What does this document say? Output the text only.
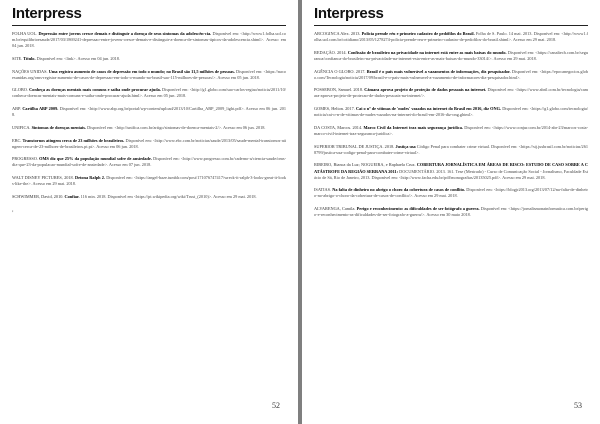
Interpress

FOLHA UOL. Depressão entre jovens cresce demais e distinguir a doença de seus sintomas da adolescên-cia. Disponível em: <http://www1.folha.uol.com.br/equilibrioesaude/2017/03/1869241-depressao-entre-jovens-cresce-demais-e-distinguir-a-doenca-de-sintomas-tipicos-da-adolescencia.shtml>. Acesso em 04 jun. 2018.

SITE. Título. Disponível em: <link>. Acesso em 04 jun. 2018.

NAÇÕES UNIDAS. Uma registra aumento de casos de depressão em todo o mundo; no Brasil são 11,5 milhões de pessoas. Disponível em: <https://nacoesunidas.org/oms-registra-aumento-de-casos-de-depressao-em-todo-o-mundo-no-brasil-sao-115-milhoes-de-pessoas/>. Acesso em 05 jun. 2018.

GLOBO. Conheça as doenças mentais mais comuns e saiba onde procurar ajuda. Disponível em: <http://g1.globo.com/sao-carlos-regiao/noticia/2011/10/conheca-doencas-mentais-mais-comuns-e-saiba-onde-procurar-ajuda.html>. Acesso em 05 jun. 2018.

ABP. Cartilha ABP 2009. Disponível em: <http://www.abp.org.br/portal/wp-content/upload/2013/10/Cartilha_ABP_2009_light.pdf>. Acesso em 06 jun. 2018.

UNIFICA. Sintomas de doenças mentais. Disponível em: <http://unifica.com.br/artigo/sintomas-de-doenca-mentais-2/>. Acesso em 06 jun. 2018.

EBC. Transtornos atingem cerca de 23 milhões de brasileiros. Disponível em: <http://www.ebc.com.br/noticias/saude/2013/05/saude-mental-transtornos-atingem-cerca-de-23-milhoes-de-brasileiros.pt.pt>. Acesso em 06 jun. 2018.

PROGRESSO. OMS diz que 25% da população mundial sofre de ansiedade. Disponível em: <http://www.progresso.com.br/caderno-a/ciencia-saude/oms-diz-que-23-da-populacao-mundial-sofre-de-ansiedade>. Acesso em 07 jun. 2018.

WALT DISNEY PICTURES, 2018. Detona Ralph 2. Disponível em: <https://angel-baze.tumblr.com/post/171076747417/wreck-it-ralph-3-looks-great-it-looks-like-the>. Acesso em 29 mai. 2018.

SCHWIMMER, David, 2010. Confiar. 116 min. 2018. Disponível em <https://pt.wikipedia.org/wiki/Trust_(2010)>. Acesso em 29 mai. 2018.

,
52
Interpress

ARCOGINCA Alex. 2013. Polícia prende réu e primeiro cadastro de pedófilos do Brasil. Folha de S. Paulo. 14 mai. 2013. Disponível em: <http://www1.folha.uol.com.br/cotidiano/2013/05/1278274-policia-prende-reu-e-primeiro-cadastro-de-pedofilos-do-brasil.shtml>. Acesso em 29 mai. 2018.

REDAÇÃO. 2014. Confissão de brasileiro na privacidade na internet está entre as mais baixas do mundo. Disponível em: <https://canaltech.com.br/seguranca/confianca-do-brasileiro-na-privacidade-na-internet-esta-entre-as-mais-baixas-do-mundo-33014/>. Acesso em 29 mai. 2018.

AGÊNCIA O GLOBO. 2017. Brasil é o país mais vulnerável a vazamentos de informações, diz pesquisador. Disponível em: <https://epocanegocios.globo.com/Tecnologia/noticia/2017/09/brasil-e-o-pais-mais-vulneravel-a-vazamento-de-informacoes-diz-pesquisador.html>.

POSSEBON, Samuel. 2018. Câmara aprova projeto de proteção de dados pessoais na internet. Disponível em: <https://www.abril.com.br/tecnologia/camara-aprova-projeto-de-protecao-de-dados-pessoais-na-internet/>.

GOMES, Helton. 2017. Cai o nº de vítimas de 'nudes' vazados na internet do Brasil em 2016, diz ONG. Disponível em: <https://g1.globo.com/tecnologia/noticia/cai-o-n-de-vitimas-de-nudes-vazados-na-internet-do-brasil-em-2016-diz-ong.ghtml>.

DA COSTA, Marcos. 2014. Marco Civil da Internet traz mais segurança jurídica. Disponível em: <https://www.conjur.com.br/2014-abr-23/marcos-costa-marco-civil-internet-traz-seguranca-juridica>.

SUPERIOR TRIBUNAL DE JUSTIÇA. 2018. Justiça usa Código Penal para combater crime virtual. Disponível em: <https://stj.jusbrasil.com.br/noticias/2618799/justica-usa-codigo-penal-para-combater-crime-virtual>.

RIBEIRO, Bianca da Luz; NOGUEIRA, e Raphaela Cruz. COBERTURA JORNALÍSTICA EM ÁREAS DE RISCO: ESTUDO DE CASO SOBRE A CATÁSTROFE DA REGIÃO SERRANA 2011: DOCUMENTÁRIO. 2013. 161. Tese (Mestrado) - Curso de Comunicação Social - Jornalismo, Faculdade Estácio de Sá, Rio de Janeiro, 2013. Disponível em: <http://www.facha.edu.br/pdf/monografias/20135025.pdf>. Acesso em 29 mai. 2018.

ISATIAS. Na falta de dinheiro no abrigo o choro da cobertura de casos de conflito. Disponível em: <https://blogjr2013.org/2013/07/12/na-falta-de-dinheiro-no-abrigo-o-choro-da-cobertura-de-casos-de-conflito/>. Acesso em 29 mai. 2018.

ALVARENGA, Camila. Perigo e reconhecimento: as dificuldades de ser fotógrafo a guerra. Disponível em: <https://jornalismonainformatica.com.br/perigo-e-reconhecimento-as-dificuldades-de-ser-fotografo-a-guerra/>. Acesso em 30 maio 2018.

53
